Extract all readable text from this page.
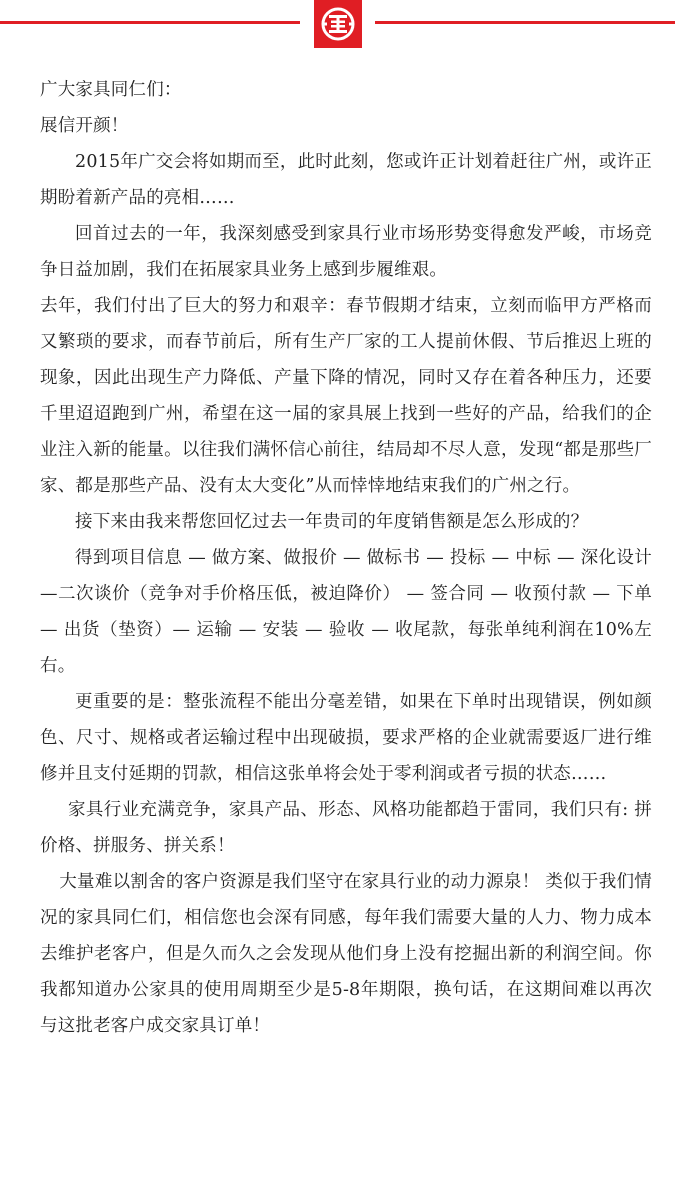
广大家具同仁们：

展信开颜！

2015年广交会将如期而至，此时此刻，您或许正计划着赶往广州，或许正期盼着新产品的亮相……

回首过去的一年，我深刻感受到家具行业市场形势变得愈发严峻，市场竞争日益加剧，我们在拓展家具业务上感到步履维艰。

去年，我们付出了巨大的努力和艰辛：春节假期才结束，立刻而临甲方严格而又繁琐的要求，而春节前后，所有生产厂家的工人提前休假、节后推迟上班的现象，因此出现生产力降低、产量下降的情况，同时又存在着各种压力，还要千里迢迢跑到广州，希望在这一届的家具展上找到一些好的产品，给我们的企业注入新的能量。以往我们满怀信心前往，结局却不尽人意，发现“都是那些厂家、都是那些产品、没有太大变化”从而悻悻地结束我们的广州之行。

接下来由我来帮您回忆过去一年贵司的年度销售额是怎么形成的？

得到项目信息 — 做方案、做报价 — 做标书 — 投标 — 中标 — 深化设计 —二次谈价（竞争对手价格压低，被迫降价） — 签合同 — 收预付款 — 下单 — 出货（垫资）— 运输 — 安装 — 验收 — 收尾款，每张单纯利润在10%左右。

更重要的是：整张流程不能出分毫差错，如果在下单时出现错误，例如颜色、尺寸、规格或者运输过程中出现破损，要求严格的企业就需要返厂进行维修并且支付延期的罚款，相信这张单将会处于零利润或者亏损的状态……

家具行业充满竞争，家具产品、形态、风格功能都趋于雷同，我们只有: 拼价格、拼服务、拼关系！

大量难以割舍的客户资源是我们坚守在家具行业的动力源泉！ 类似于我们情况的家具同仁们，相信您也会深有同感，每年我们需要大量的人力、物力成本去维护老客户，但是久而久之会发现从他们身上没有挖掘出新的利润空间。你我都知道办公家具的使用周期至少是5-8年期限，换句话，在这期间难以再次与这批老客户成交家具订单！
